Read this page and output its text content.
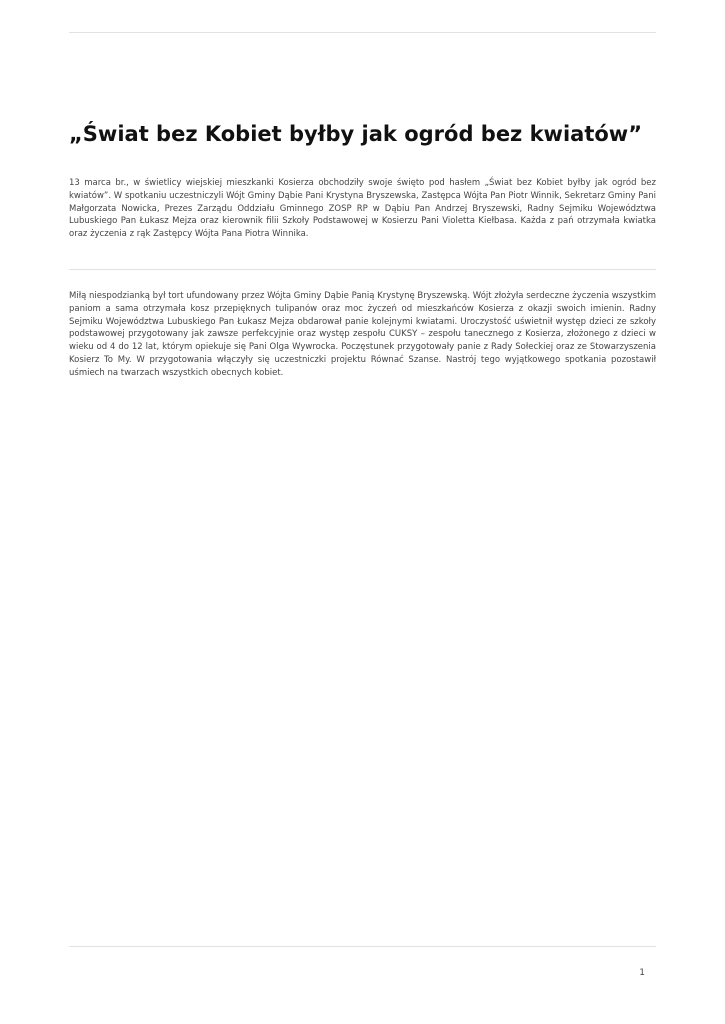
„Świat bez Kobiet byłby jak ogród bez kwiatów”

13 marca br., w świetlicy wiejskiej mieszkanki Kosierza obchodziły swoje święto pod hasłem „Świat bez Kobiet byłby jak ogród bez kwiatów”. W spotkaniu uczestniczyli Wójt Gminy Dąbie Pani Krystyna Bryszewska, Zastępca Wójta Pan Piotr Winnik, Sekretarz Gminy Pani Małgorzata Nowicka, Prezes Zarządu Oddziału Gminnego ZOSP RP w Dąbiu Pan Andrzej Bryszewski, Radny Sejmiku Województwa Lubuskiego Pan Łukasz Mejza oraz kierownik filii Szkoły Podstawowej w Kosierzu Pani Violetta Kiełbasa. Każda z pań otrzymała kwiatka oraz życzenia z rąk Zastępcy Wójta Pana Piotra Winnika.

Miłą niespodzianką był tort ufundowany przez Wójta Gminy Dąbie Panią Krystynę Bryszewską. Wójt złożyła serdeczne życzenia wszystkim paniom a sama otrzymała kosz przepięknych tulipanów oraz moc życzeń od mieszkańców Kosierza z okazji swoich imienin. Radny Sejmiku Województwa Lubuskiego Pan Łukasz Mejza obdarował panie kolejnymi kwiatami. Uroczystość uświetnił występ dzieci ze szkoły podstawowej przygotowany jak zawsze perfekcyjnie oraz występ zespołu CUKSY – zespołu tanecznego z Kosierza, złożonego z dzieci w wieku od 4 do 12 lat, którym opiekuje się Pani Olga Wywrocka. Poczęstunek przygotowały panie z Rady Sołeckiej oraz ze Stowarzyszenia Kosierz To My. W przygotowania włączyły się uczestniczki projektu Równać Szanse. Nastrój tego wyjątkowego spotkania pozostawił uśmiech na twarzach wszystkich obecnych kobiet.

1
